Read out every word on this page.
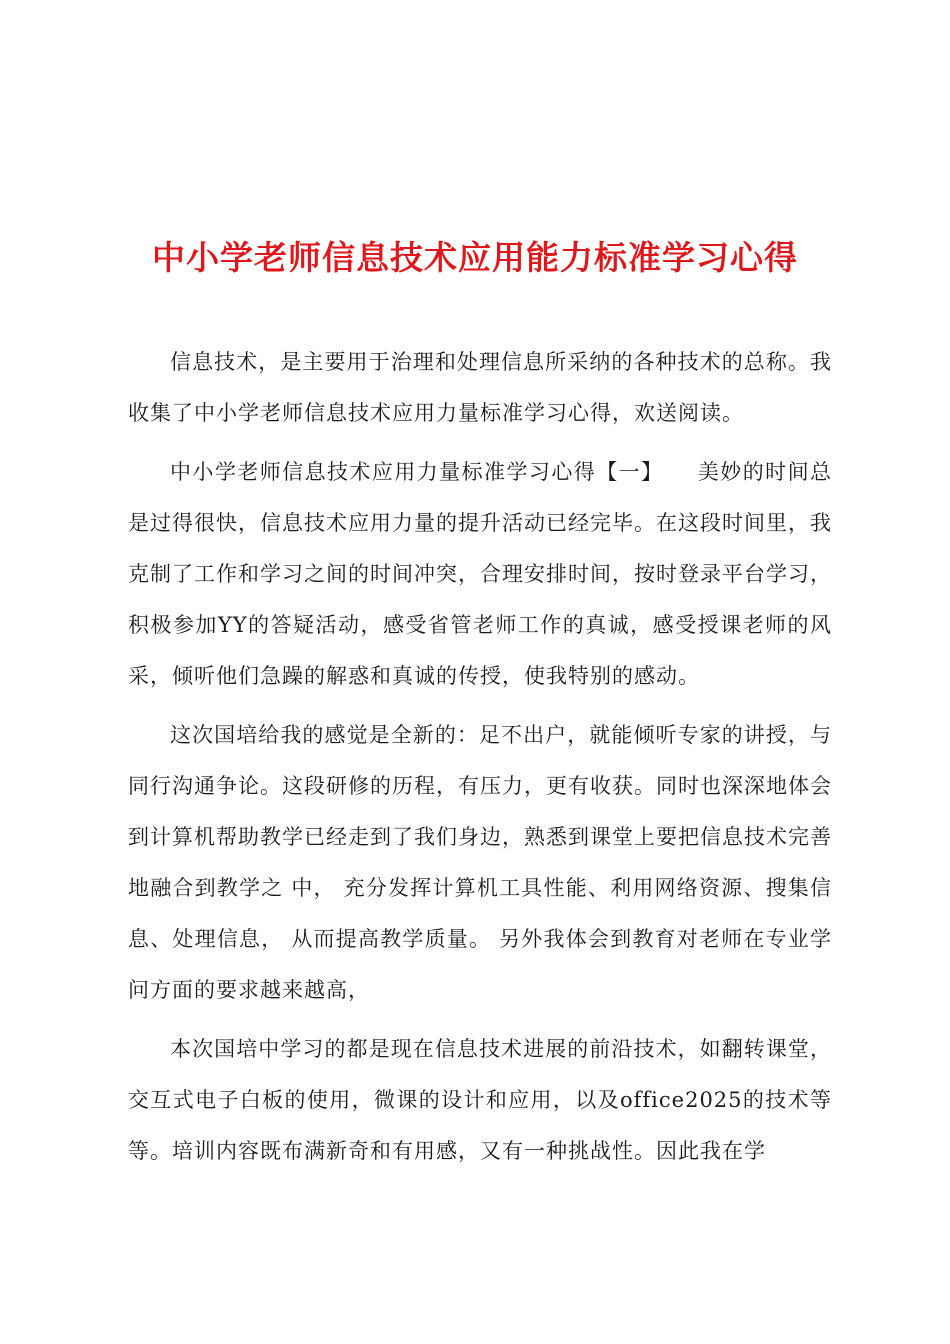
中小学老师信息技术应用能力标准学习心得

信息技术，是主要用于治理和处理信息所采纳的各种技术的总称。我收集了中小学老师信息技术应用力量标准学习心得，欢送阅读。

中小学老师信息技术应用力量标准学习心得【一】　　美妙的时间总是过得很快，信息技术应用力量的提升活动已经完毕。在这段时间里，我克制了工作和学习之间的时间冲突，合理安排时间，按时登录平台学习，积极参加YY的答疑活动，感受省管老师工作的真诚，感受授课老师的风采，倾听他们急躁的解惑和真诚的传授，使我特别的感动。

这次国培给我的感觉是全新的：足不出户，就能倾听专家的讲授，与同行沟通争论。这段研修的历程，有压力，更有收获。同时也深深地体会到计算机帮助教学已经走到了我们身边，熟悉到课堂上要把信息技术完善地融合到教学之 中， 充分发挥计算机工具性能、利用网络资源、搜集信息、处理信息， 从而提高教学质量。 另外我体会到教育对老师在专业学问方面的要求越来越高，

本次国培中学习的都是现在信息技术进展的前沿技术，如翻转课堂，交互式电子白板的使用，微课的设计和应用，以及office2025的技术等等。培训内容既布满新奇和有用感，又有一种挑战性。因此我在学
